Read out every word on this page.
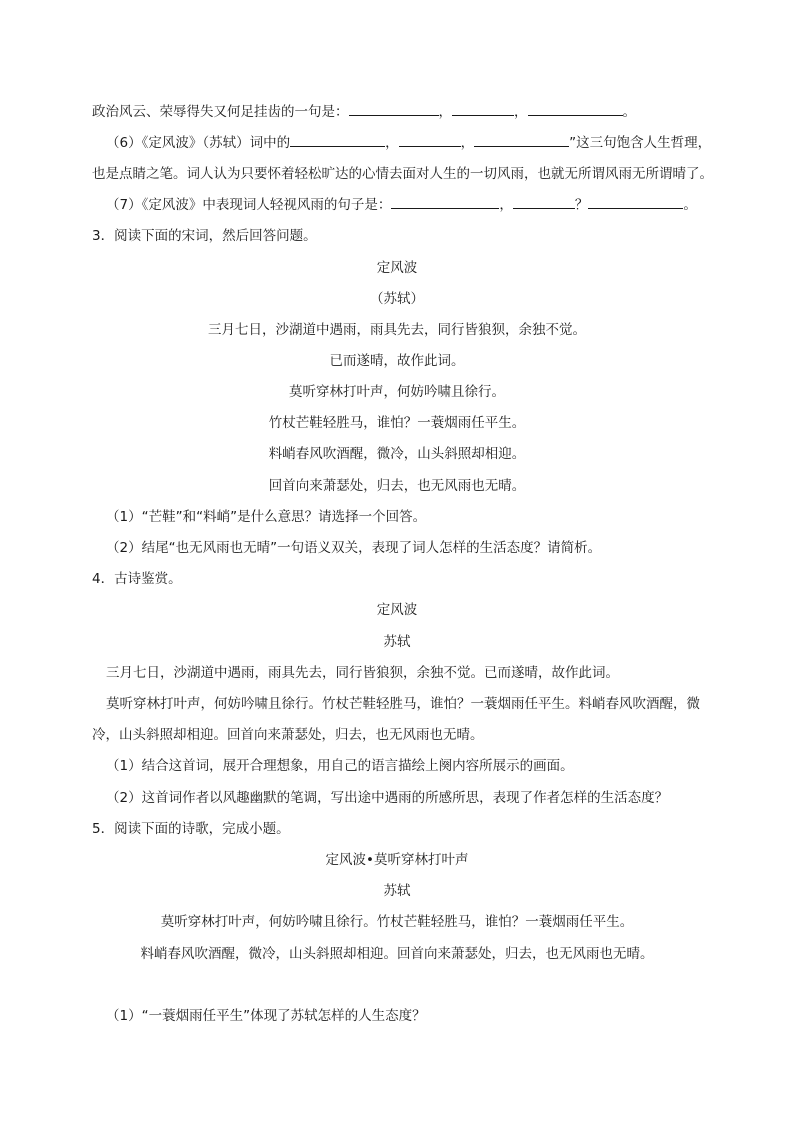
政治风云、荣辱得失又何足挂齿的一句是：	，	，	。
（6）《定风波》（苏轼）词中的	，	，	”这三句饱含人生哲理，
也是点睛之笔。词人认为只要怀着轻松旷达的心情去面对人生的一切风雨，也就无所谓风雨无所谓晴了。
（7）《定风波》中表现词人轻视风雨的句子是：	，	？	。
3．阅读下面的宋词，然后回答问题。
定风波
（苏轼）
三月七日，沙湖道中遇雨，雨具先去，同行皆狼狈，余独不觉。
已而遂晴，故作此词。
莫听穿林打叶声，何妨吟啸且徐行。
竹杖芒鞋轻胜马，谁怕？一蓑烟雨任平生。
料峭春风吹酒醒，微冷，山头斜照却相迎。
回首向来萧瑟处，归去，也无风雨也无晴。
（1）“芒鞋”和“料峭”是什么意思？请选择一个回答。
（2）结尾“也无风雨也无晴”一句语义双关，表现了词人怎样的生活态度？请简析。
4．古诗鉴赏。
定风波
苏轼
三月七日，沙湖道中遇雨，雨具先去，同行皆狼狈，余独不觉。已而遂晴，故作此词。
莫听穿林打叶声，何妨吟啸且徐行。竹杖芒鞋轻胜马，谁怕？一蓑烟雨任平生。料峭春风吹酒醒，微
冷，山头斜照却相迎。回首向来萧瑟处，归去，也无风雨也无晴。
（1）结合这首词，展开合理想象，用自己的语言描绘上阕内容所展示的画面。
（2）这首词作者以风趣幽默的笔调，写出途中遇雨的所感所思，表现了作者怎样的生活态度？
5．阅读下面的诗歌，完成小题。
定风波•莫听穿林打叶声
苏轼
莫听穿林打叶声，何妨吟啸且徐行。竹杖芒鞋轻胜马，谁怕？一蓑烟雨任平生。
料峭春风吹酒醒，微冷，山头斜照却相迎。回首向来萧瑟处，归去，也无风雨也无晴。
（1）“一蓑烟雨任平生”体现了苏轼怎样的人生态度？
